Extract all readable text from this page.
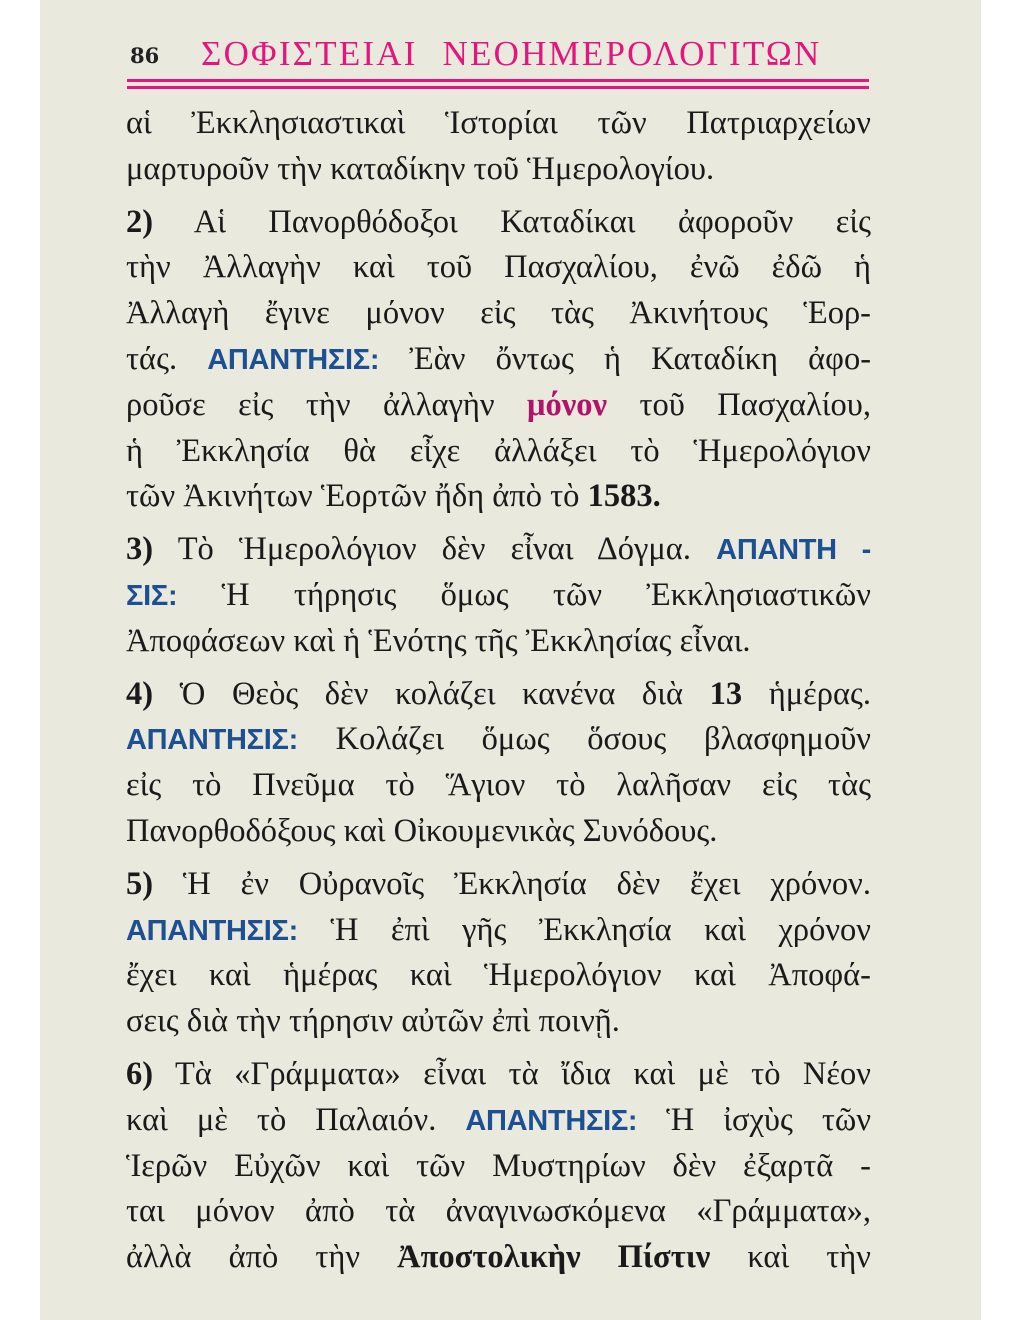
86 ΣΟΦΙΣΤΕΙΑΙ ΝΕΟΗΜΕΡΟΛΟΓΙΤΩΝ
αἱ Ἐκκλησιαστικαὶ Ἱστορίαι τῶν Πατριαρχείων
μαρτυροῦν τὴν καταδίκην τοῦ Ἡμερολογίου.
2) Αἱ Πανορθόδοξοι Καταδίκαι ἀφοροῦν εἰς
τὴν Ἀλλαγὴν καὶ τοῦ Πασχαλίου, ἐνῶ ἐδῶ ἡ
Ἀλλαγὴ ἔγινε μόνον εἰς τὰς Ἀκινήτους Ἑορ-
τάς. ΑΠΑΝΤΗΣΙΣ: Ἐὰν ὄντως ἡ Καταδίκη ἀφο-
ροῦσε εἰς τὴν ἀλλαγὴν μόνον τοῦ Πασχαλίου,
ἡ Ἐκκλησία θὰ εἶχε ἀλλάξει τὸ Ἡμερολόγιον
τῶν Ἀκινήτων Ἑορτῶν ἤδη ἀπὸ τὸ 1583.
3) Τὸ Ἡμερολόγιον δὲν εἶναι Δόγμα. ΑΠΑΝΤΗ -
ΣΙΣ: Ἡ τήρησις ὅμως τῶν Ἐκκλησιαστικῶν
Ἀποφάσεων καὶ ἡ Ἑνότης τῆς Ἐκκλησίας εἶναι.
4) Ὁ Θεὸς δὲν κολάζει κανένα διὰ 13 ἡμέρας.
ΑΠΑΝΤΗΣΙΣ: Κολάζει ὅμως ὅσους βλασφημοῦν
εἰς τὸ Πνεῦμα τὸ Ἅγιον τὸ λαλῆσαν εἰς τὰς
Πανορθοδόξους καὶ Οἰκουμενικὰς Συνόδους.
5) Ἡ ἐν Οὐρανοῖς Ἐκκλησία δὲν ἔχει χρόνον.
ΑΠΑΝΤΗΣΙΣ: Ἡ ἐπὶ γῆς Ἐκκλησία καὶ χρόνον
ἔχει καὶ ἡμέρας καὶ Ἡμερολόγιον καὶ Ἀποφά-
σεις διὰ τὴν τήρησιν αὐτῶν ἐπὶ ποινῇ.
6) Τὰ «Γράμματα» εἶναι τὰ ἴδια καὶ μὲ τὸ Νέον
καὶ μὲ τὸ Παλαιόν. ΑΠΑΝΤΗΣΙΣ: Ἡ ἰσχὺς τῶν
Ἱερῶν Εὐχῶν καὶ τῶν Μυστηρίων δὲν ἐξαρτᾶ -
ται μόνον ἀπὸ τὰ ἀναγινωσκόμενα «Γράμματα»,
ἀλλὰ ἀπὸ τὴν Ἀποστολικὴν Πίστιν καὶ τὴν
